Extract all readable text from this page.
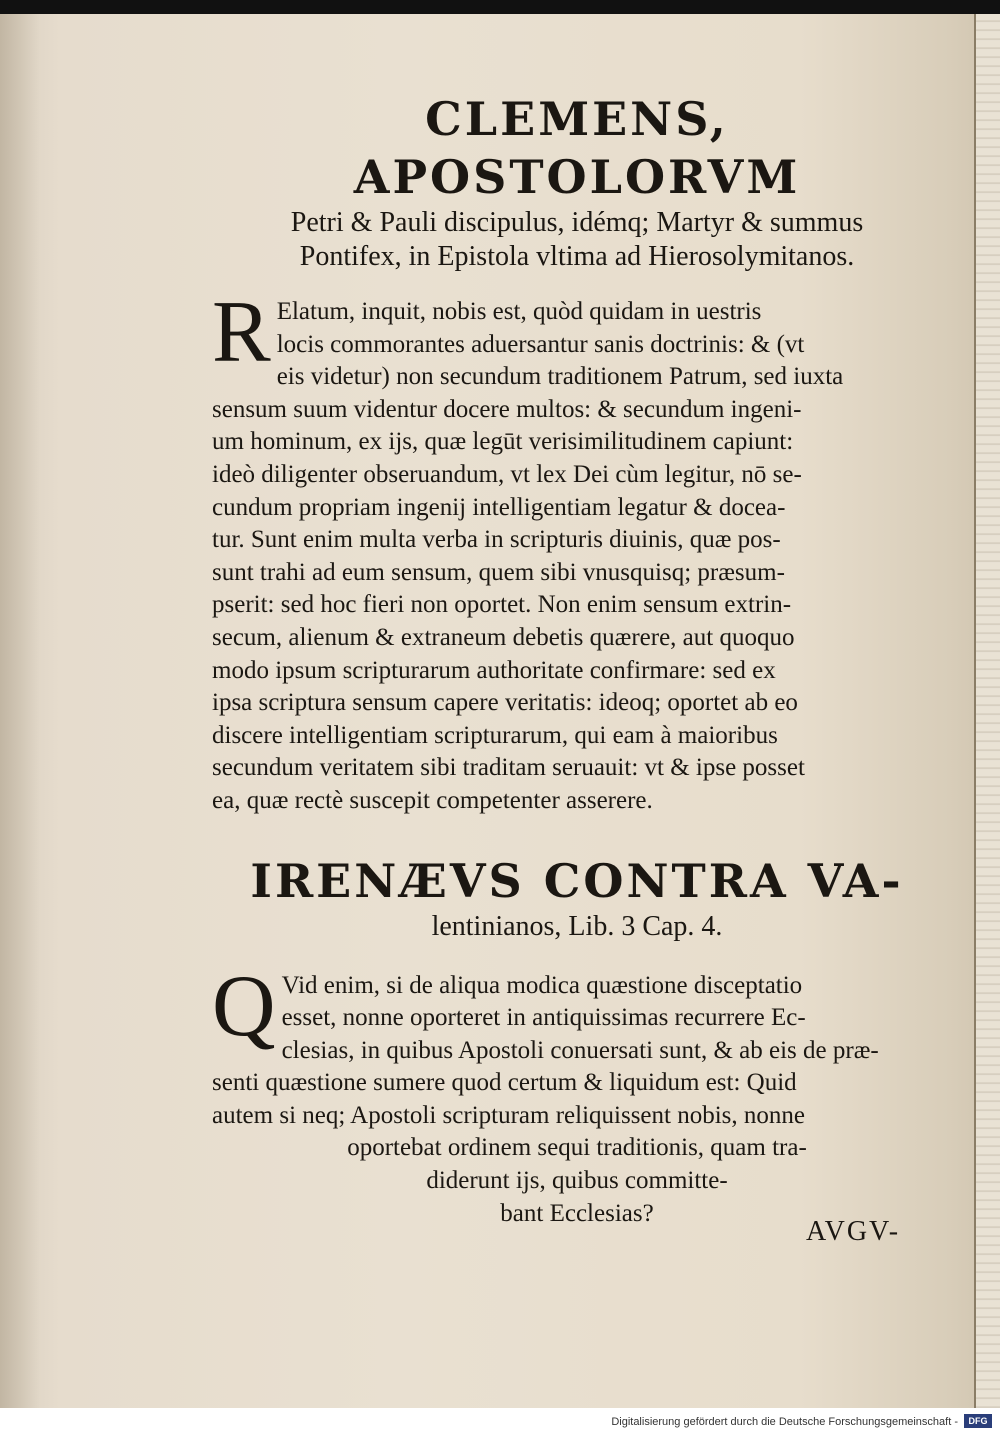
CLEMENS, APOSTOLORVM

Petri & Pauli discipulus, idémq; Martyr & summus

Pontifex, in Epistola vltima ad Hierosolymitanos.

R Elatum, inquit, nobis est, quòd quidam in uestris
locis commorantes aduersantur sanis doctrinis: & (vt
eis videtur) non secundum traditionem Patrum, sed iuxta
sensum suum videntur docere multos: & secundum ingeni-
um hominum, ex ijs, quæ legūt verisimilitudinem capiunt:
ideò diligenter obseruandum, vt lex Dei cùm legitur, nō se-
cundum propriam ingenij intelligentiam legatur & docea-
tur. Sunt enim multa verba in scripturis diuinis, quæ pos-
sunt trahi ad eum sensum, quem sibi vnusquisq; præsum-
pserit: sed hoc fieri non oportet. Non enim sensum extrin-
secum, alienum & extraneum debetis quærere, aut quoquo
modo ipsum scripturarum authoritate confirmare: sed ex
ipsa scriptura sensum capere veritatis: ideoq; oportet ab eo
discere intelligentiam scripturarum, qui eam à maioribus
secundum veritatem sibi traditam seruauit: vt & ipse posset
ea, quæ rectè suscepit competenter asserere.
IRENÆVS CONTRA VA-

lentinianos, Lib. 3 Cap. 4.

Q Vid enim, si de aliqua modica quæstione disceptatio
esset, nonne oporteret in antiquissimas recurrere Ec-
clesias, in quibus Apostoli conuersati sunt, & ab eis de præ-
senti quæstione sumere quod certum & liquidum est: Quid
autem si neq; Apostoli scripturam reliquissent nobis, nonne
oportebat ordinem sequi traditionis, quam tra-
diderunt ijs, quibus committe-
bant Ecclesias?
AVGV-
Digitalisierung gefördert durch die Deutsche Forschungsgemeinschaft -	DFG
